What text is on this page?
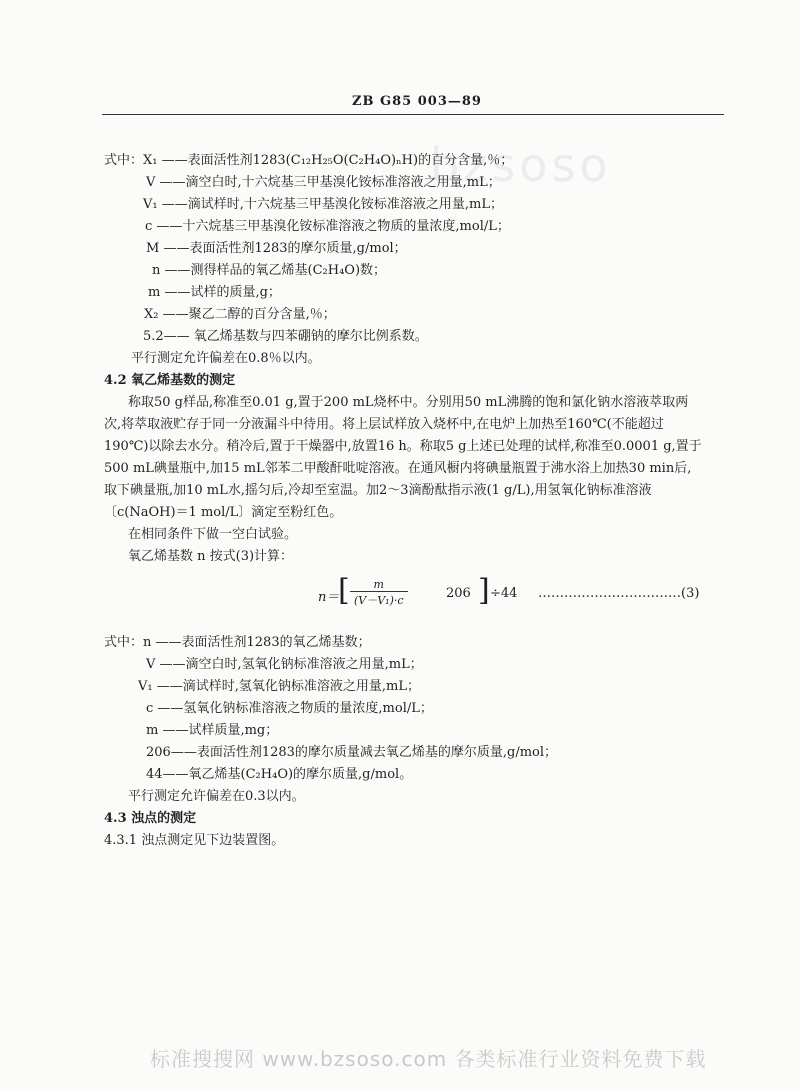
bzsoso
ZB G85 003—89
式中：X₁ ——表面活性剂1283(C₁₂H₂₅O(C₂H₄O)ₙH)的百分含量,％；
V ——滴空白时,十六烷基三甲基溴化铵标准溶液之用量,mL；
V₁ ——滴试样时,十六烷基三甲基溴化铵标准溶液之用量,mL；
c ——十六烷基三甲基溴化铵标准溶液之物质的量浓度,mol/L；
M ——表面活性剂1283的摩尔质量,g/mol；
n ——测得样品的氧乙烯基(C₂H₄O)数；
m ——试样的质量,g；
X₂ ——聚乙二醇的百分含量,％；
5.2—— 氧乙烯基数与四苯硼钠的摩尔比例系数。
平行测定允许偏差在0.8％以内。
4.2 氧乙烯基数的测定
称取50 g样品,称准至0.01 g,置于200 mL烧杯中。分别用50 mL沸腾的饱和氯化钠水溶液萃取两
次,将萃取液贮存于同一分液漏斗中待用。将上层试样放入烧杯中,在电炉上加热至160℃(不能超过
190℃)以除去水分。稍冷后,置于干燥器中,放置16 h。称取5 g上述已处理的试样,称准至0.0001 g,置于
500 mL碘量瓶中,加15 mL邻苯二甲酸酐吡啶溶液。在通风橱内将碘量瓶置于沸水浴上加热30 min后,
取下碘量瓶,加10 mL水,摇匀后,冷却至室温。加2～3滴酚酞指示液(1 g/L),用氢氧化钠标准溶液
〔c(NaOH)＝1 mol/L〕滴定至粉红色。
在相同条件下做一空白试验。
氧乙烯基数 n 按式(3)计算：
n＝
[ $\frac{m}{\text{(V－V₁)·c}}$	206 ] ÷44 ……………………………(3)
式中：n ——表面活性剂1283的氧乙烯基数；
V ——滴空白时,氢氧化钠标准溶液之用量,mL；
V₁ ——滴试样时,氢氧化钠标准溶液之用量,mL；
c ——氢氧化钠标准溶液之物质的量浓度,mol/L；
m ——试样质量,mg；
206——表面活性剂1283的摩尔质量减去氧乙烯基的摩尔质量,g/mol；
44——氧乙烯基(C₂H₄O)的摩尔质量,g/mol。
平行测定允许偏差在0.3以内。
4.3 浊点的测定
4.3.1 浊点测定见下边装置图。
标准搜搜网 www.bzsoso.com 各类标准行业资料免费下载
